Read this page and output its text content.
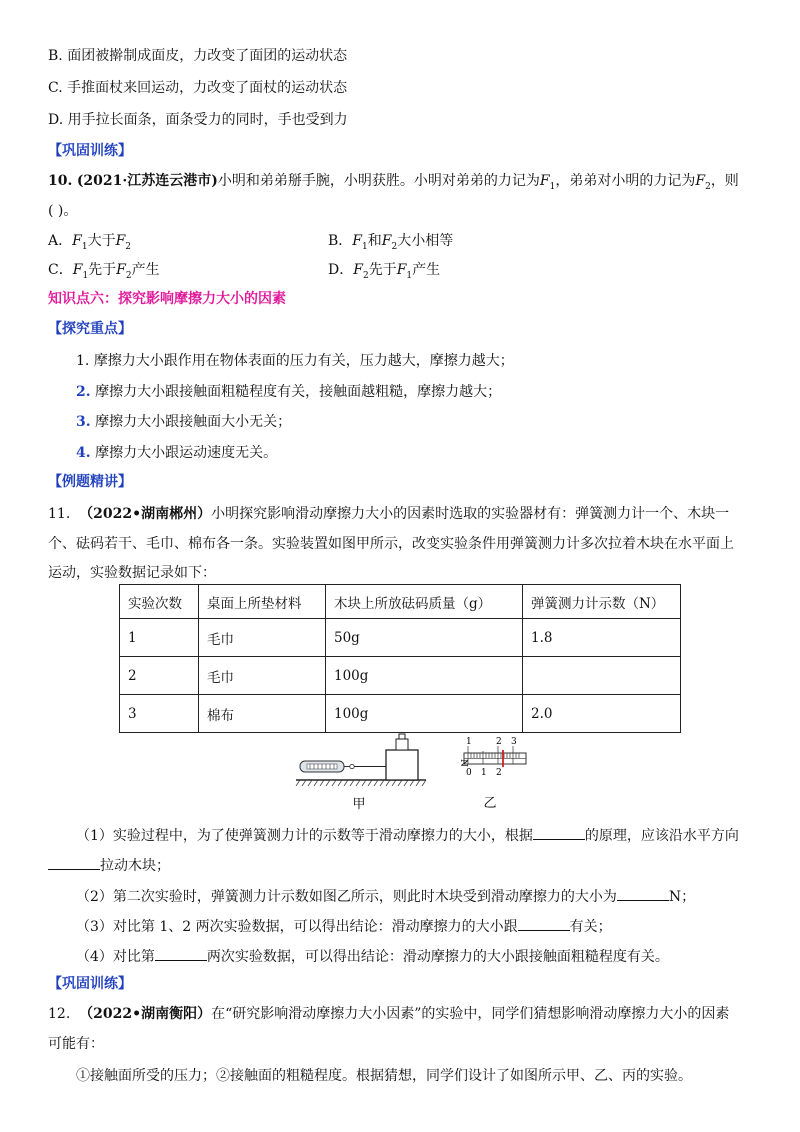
B. 面团被擀制成面皮，力改变了面团的运动状态
C. 手推面杖来回运动，力改变了面杖的运动状态
D. 用手拉长面条，面条受力的同时，手也受到力
【巩固训练】
10. (2021·江苏连云港市)小明和弟弟掰手腕，小明获胜。小明对弟弟的力记为$F_1$，弟弟对小明的力记为$F_2$，则
( )。
A．$F_1$大于$F_2$	B．$F_1$和$F_2$大小相等
C．$F_1$先于$F_2$产生	D．$F_2$先于$F_1$产生
知识点六：探究影响摩擦力大小的因素
【探究重点】
1. 摩擦力大小跟作用在物体表面的压力有关，压力越大，摩擦力越大；
2. 摩擦力大小跟接触面粗糙程度有关，接触面越粗糙，摩擦力越大；
3. 摩擦力大小跟接触面大小无关；
4. 摩擦力大小跟运动速度无关。
【例题精讲】
11. （2022•湖南郴州）小明探究影响滑动摩擦力大小的因素时选取的实验器材有：弹簧测力计一个、木块一
个、砝码若干、毛巾、棉布各一条。实验装置如图甲所示，改变实验条件用弹簧测力计多次拉着木块在水平面上
运动，实验数据记录如下：
实验次数	桌面上所垫材料	木块上所放砝码质量（g）	弹簧测力计示数（N）
1	毛巾	50g	1.8
2	毛巾	100g	
3	棉布	100g	2.0
甲
N
1	2 3
0 1 2
乙
（1）实验过程中，为了使弹簧测力计的示数等于滑动摩擦力的大小，根据	的原理，应该沿水平方向
拉动木块；
（2）第二次实验时，弹簧测力计示数如图乙所示，则此时木块受到滑动摩擦力的大小为	N；
（3）对比第 1、2 两次实验数据，可以得出结论：滑动摩擦力的大小跟	有关；
（4）对比第	两次实验数据，可以得出结论：滑动摩擦力的大小跟接触面粗糙程度有关。
【巩固训练】
12. （2022•湖南衡阳）在“研究影响滑动摩擦力大小因素”的实验中，同学们猜想影响滑动摩擦力大小的因素
可能有：
①接触面所受的压力；②接触面的粗糙程度。根据猜想，同学们设计了如图所示甲、乙、丙的实验。
